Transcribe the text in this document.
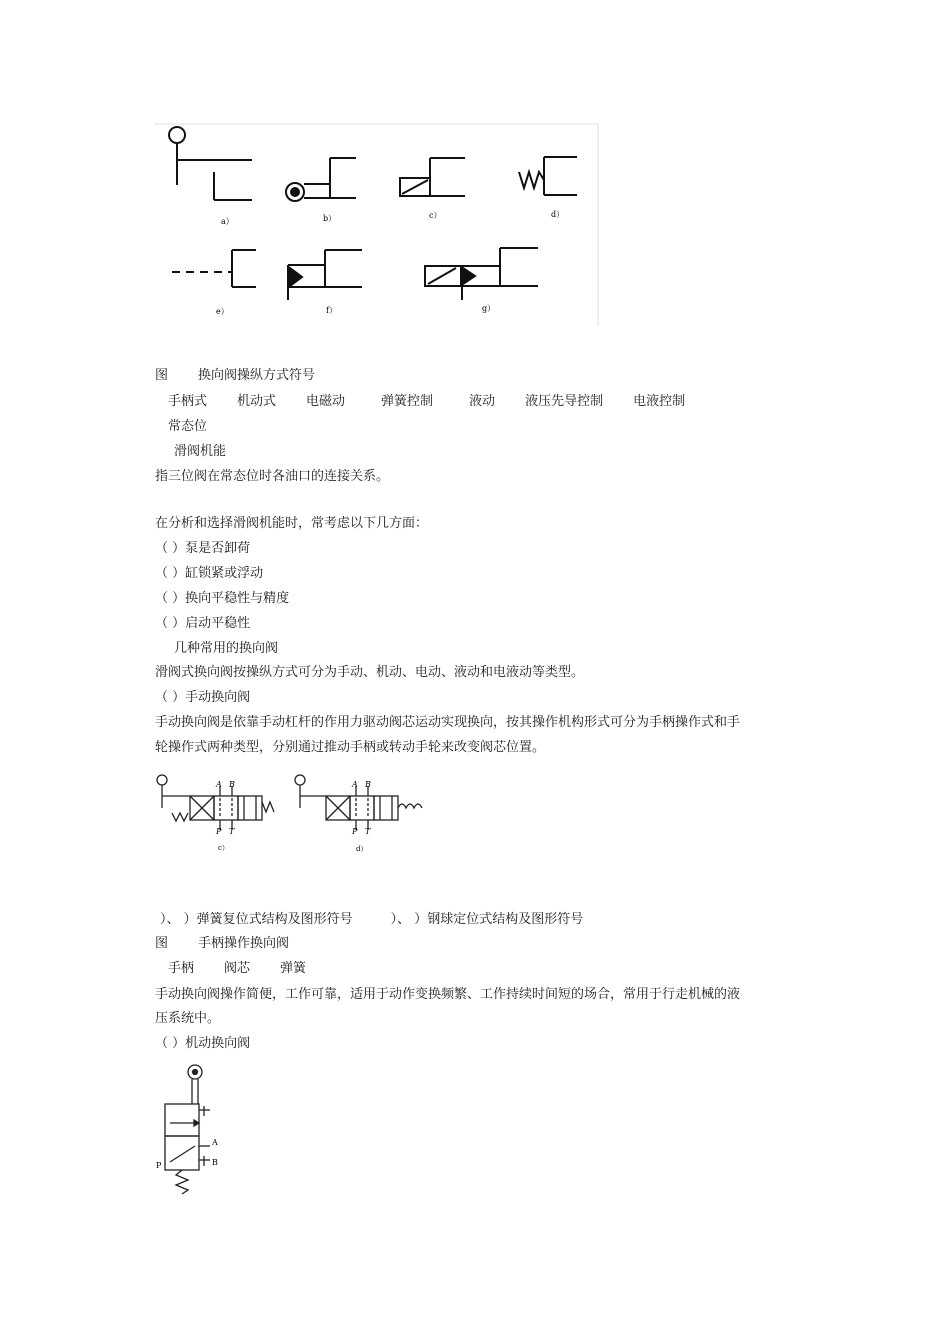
a）	b）	c）	d）
e）	f）	g）
图 换向阀操纵方式符号
手柄式 机动式 电磁动	弹簧控制	液动 液压先导控制 电液控制
常态位
滑阀机能
指三位阀在常态位时各油口的连接关系。
在分析和选择滑阀机能时，常考虑以下几方面：
（ ）泵是否卸荷
（ ）缸锁紧或浮动
（ ）换向平稳性与精度
（ ）启动平稳性
几种常用的换向阀
滑阀式换向阀按操纵方式可分为手动、机动、电动、液动和电液动等类型。
（ ）手动换向阀
手动换向阀是依靠手动杠杆的作用力驱动阀芯运动实现换向，按其操作机构形式可分为手柄操作式和手
轮操作式两种类型，分别通过推动手柄或转动手轮来改变阀芯位置。
A B
P T
A B
P T
c）	d）
）、 ）弹簧复位式结构及图形符号	）、 ）钢球定位式结构及图形符号
图 手柄操作换向阀
手柄 阀芯 弹簧
手动换向阀操作简便，工作可靠，适用于动作变换频繁、工作持续时间短的场合，常用于行走机械的液
压系统中。
（ ）机动换向阀
A
B
P
